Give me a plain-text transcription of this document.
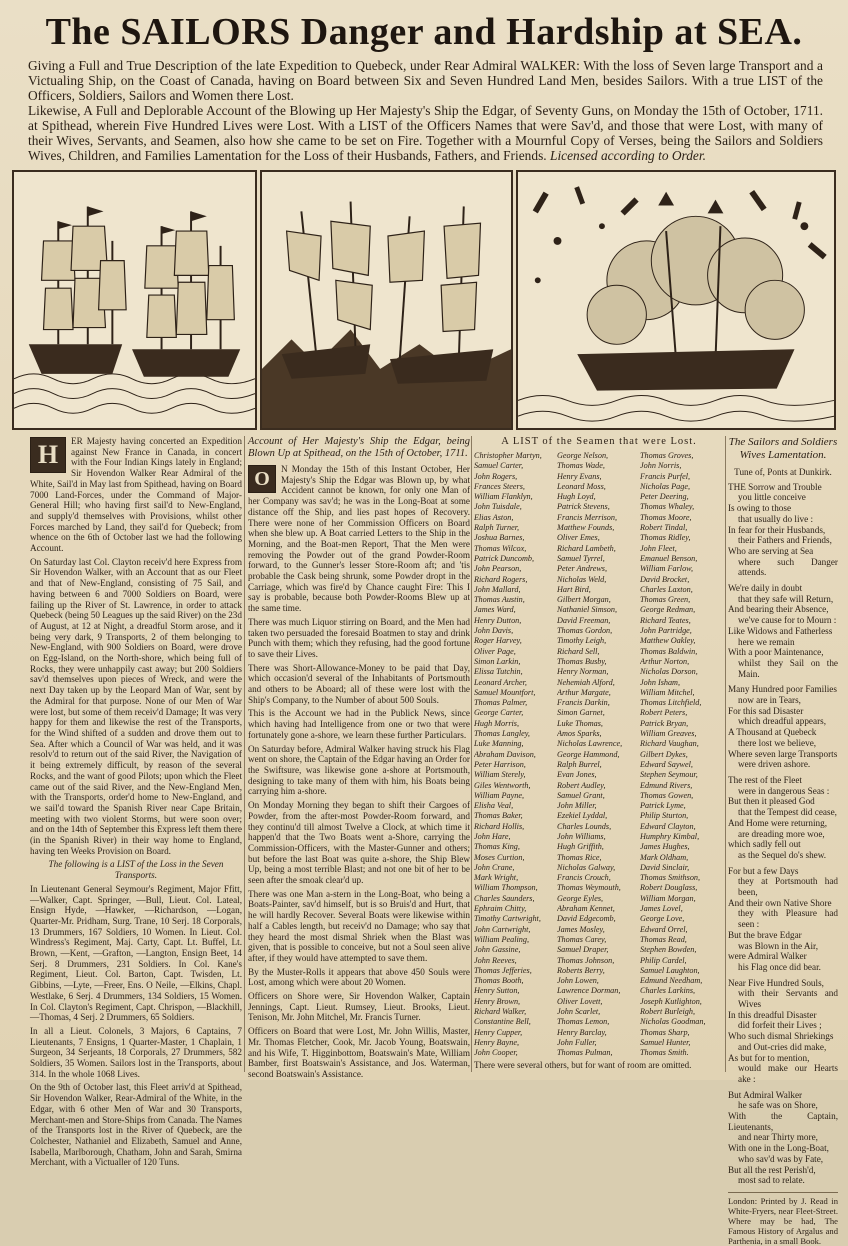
The SAILORS Danger and Hardship at SEA.

Giving a Full and True Description of the late Expedition to Quebeck, under Rear Admiral WALKER: With the loss of Seven large Transport and a Victualing Ship, on the Coast of Canada, having on Board between Six and Seven Hundred Land Men, besides Sailors. With a true LIST of the Officers, Soldiers, Sailors and Women there Lost.

Likewise, A Full and Deplorable Account of the Blowing up Her Majesty's Ship the Edgar, of Seventy Guns, on Monday the 15th of October, 1711. at Spithead, wherein Five Hundred Lives were Lost. With a LIST of the Officers Names that were Sav'd, and those that were Lost, with many of their Wives, Servants, and Seamen, also how she came to be set on Fire. Together with a Mournful Copy of Verses, being the Sailors and Soldiers Wives, Children, and Families Lamentation for the Loss of their Husbands, Fathers, and Friends. Licensed according to Order.

H	ER Majesty having concerted an Expedition against New France in Canada, in concert with the Four Indian Kings lately in England; Sir Hovendon Walker Rear Admiral of the White, Sail'd in May last from Spithead, having on Board 7000 Land-Forces, under the Command of Major-General Hill; who having first sail'd to New-England, and supply'd themselves with Provisions, whilst other Forces marched by Land, they sail'd for Quebeck; from whence on the 6th of October last we had the following Account.

On Saturday last Col. Clayton receiv'd here Express from Sir Hovendon Walker, with an Account that as our Fleet and that of New-England, consisting of 75 Sail, and having between 6 and 7000 Soldiers on Board, were failing up the River of St. Lawrence, in order to attack Quebeck (being 50 Leagues up the said River) on the 23d of August, at 12 at Night, a dreadful Storm arose, and it being very dark, 9 Transports, 2 of them belonging to New-England, with 900 Soldiers on Board, were drove on Egg-Island, on the North-shore, which being full of Rocks, they were unhappily cast away; but 200 Soldiers sav'd themselves upon pieces of Wreck, and were the next Day taken up by the Leopard Man of War, sent by the Admiral for that purpose. None of our Men of War were lost, but some of them receiv'd Damage; It was very happy for them and likewise the rest of the Transports, for the Wind shifted of a sudden and drove them out to Sea. After which a Council of War was held, and it was resolv'd to return out of the said River, the Navigation of it being extremely difficult, by reason of the several Rocks, and the want of good Pilots; upon which the Fleet came out of the said River, and the New-England Men, with the Transports, order'd home to New-England, and we sail'd toward the Spanish River near Cape Britain, meeting with two violent Storms, but were soon over; and on the 14th of September this Express left them there (in the Spanish River) in their way home to England, having ten Weeks Provision on Board.

The following is a LIST of the Loss in the Seven Transports.

In Lieutenant General Seymour's Regiment, Major Ffitt, —Walker, Capt. Springer, —Bull, Lieut. Col. Lateal, Ensign Hyde, —Hawker, —Richardson, —Logan, Quarter-Mr. Pridham, Surg. Trane, 10 Serj. 18 Corporals, 13 Drummers, 167 Soldiers, 10 Women. In Lieut. Col. Windress's Regiment, Maj. Carty, Capt. Lt. Buffel, Lt. Brown, —Kent, —Grafton, —Langton, Ensign Beet, 14 Serj. 8 Drummers, 231 Soldiers. In Col. Kane's Regiment, Lieut. Col. Barton, Capt. Twisden, Lt. Gibbins, —Lyte, —Freer, Ens. O Neile, —Elkins, Chapl. Westlake, 6 Serj. 4 Drummers, 134 Soldiers, 15 Women. In Col. Clayton's Regiment, Capt. Chrispon, —Blackhill, —Thomas, 4 Serj. 2 Drummers, 65 Soldiers.

In all a Lieut. Colonels, 3 Majors, 6 Captains, 7 Lieutenants, 7 Ensigns, 1 Quarter-Master, 1 Chaplain, 1 Surgeon, 34 Serjeants, 18 Corporals, 27 Drummers, 582 Soldiers, 35 Women. Sailors lost in the Transports, about 314. In the whole 1068 Lives.

On the 9th of October last, this Fleet arriv'd at Spithead, Sir Hovendon Walker, Rear-Admiral of the White, in the Edgar, with 6 other Men of War and 30 Transports, Merchant-men and Store-Ships from Canada. The Names of the Transports lost in the River of Quebeck, are the Colchester, Nathaniel and Elizabeth, Samuel and Anne, Isabella, Marlborough, Chatham, John and Sarah, Smirna Merchant, with a Victualler of 120 Tuns.

Account of Her Majesty's Ship the Edgar, being Blown Up at Spithead, on the 15th of October, 1711.

O	N Monday the 15th of this Instant October, Her Majesty's Ship the Edgar was Blown up, by what Accident cannot be known, for only one Man of her Company was sav'd; he was in the Long-Boat at some distance off the Ship, and lies past hopes of Recovery. There were none of her Commission Officers on Board when she blew up. A Boat carried Letters to the Ship in the Morning, and the Boat-men Report, That the Men were removing the Powder out of the grand Powder-Room forward, to the Gunner's lesser Store-Room aft; and 'tis probable the Cask being shrunk, some Powder dropt in the Carriage, which was fire'd by Chance caught Fire: This I say is probable, because both Powder-Rooms Blew up at the same time.

There was much Liquor stirring on Board, and the Men had taken two persuaded the foresaid Boatmen to stay and drink Punch with them; which they refusing, had the good fortune to save their Lives.

There was Short-Allowance-Money to be paid that Day, which occasion'd several of the Inhabitants of Portsmouth and others to be Aboard; all of these were lost with the Ship's Company, to the Number of about 500 Souls.

This is the Account we had in the Publick News, since which having had Intelligence from one or two that were fortunately gone a-shore, we learn these further Particulars.

On Saturday before, Admiral Walker having struck his Flag went on shore, the Captain of the Edgar having an Order for the Swiftsure, was likewise gone a-shore at Portsmouth, designing to take many of them with him, his Boats being carrying him a-shore.

On Monday Morning they began to shift their Cargoes of Powder, from the after-most Powder-Room forward, and they continu'd till almost Twelve a Clock, at which time it happen'd that the Two Boats went a-Shore, carrying the Commission-Officers, with the Master-Gunner and others; but before the last Boat was quite a-shore, the Ship Blew Up, being a most terrible Blast; and not one bit of her to be seen after the smoak clear'd up.

There was one Man a-stern in the Long-Boat, who being a Boats-Painter, sav'd himself, but is so Bruis'd and Hurt, that he will hardly Recover. Several Boats were likewise within half a Cables length, but receiv'd no Damage; who say that they heard the most dismal Shriek when the Blast was given, that is possible to conceive, but not a Soul seen alive after, if they would have attempted to save them.

By the Muster-Rolls it appears that above 450 Souls were Lost, among which were about 20 Women.

Officers on Shore were, Sir Hovendon Walker, Captain Jennings, Capt. Lieut. Rumsey, Lieut. Brooks, Lieut. Tenison, Mr. John Mitchel, Mr. Francis Turner.

Officers on Board that were Lost, Mr. John Willis, Master, Mr. Thomas Fletcher, Cook, Mr. Jacob Young, Boatswain, and his Wife, T. Higginbottom, Boatswain's Mate, William Bamber, first Boatswain's Assistance, and Jos. Waterman, second Boatswain's Assistance.

A LIST of the Seamen that were Lost.
Christopher Martyn,
Samuel Carter,
John Rogers,
Frances Steers,
William Flanklyn,
John Tuisdale,
Elias Aston,
Ralph Turner,
Joshua Barnes,
Thomas Wilcox,
Patrick Duncomb,
John Pearson,
Richard Rogers,
John Mallard,
Thomas Austin,
James Ward,
Henry Dutton,
John Davis,
Roger Harvey,
Oliver Page,
Simon Larkin,
Elissa Tutchin,
Leonard Archer,
Samuel Mountfort,
Thomas Palmer,
George Carter,
Hugh Morris,
Thomas Langley,
Luke Manning,
Abraham Davison,
Peter Harrison,
William Sterely,
Giles Wentworth,
William Payne,
Elisha Veal,
Thomas Baker,
Richard Hollis,
John Hare,
Thomas King,
Moses Curtion,
John Crane,
Mark Wright,
William Thompson,
Charles Saunders,
Ephraim Chitty,
Timothy Cartwright,
John Cartwright,
William Pealing,
John Gassine,
John Reeves,
Thomas Jefferies,
Thomas Booth,
Henry Sutton,
Henry Brown,
Richard Walker,
Constantine Bell,
Henry Cupper,
Henry Bayne,
John Cooper,
George Nelson,
Thomas Wade,
Henry Evans,
Leonard Moss,
Hugh Loyd,
Patrick Stevens,
Francis Merrison,
Matthew Founds,
Oliver Emes,
Richard Lambeth,
Samuel Tyrrel,
Peter Andrews,
Nicholas Weld,
Hart Bird,
Gilbert Morgan,
Nathaniel Simson,
David Freeman,
Thomas Gordon,
Timothy Leigh,
Richard Sell,
Thomas Busby,
Henry Norman,
Nehemiah Alford,
Arthur Margate,
Francis Darkin,
Simon Garnet,
Luke Thomas,
Amos Sparks,
Nicholas Lawrence,
George Hammond,
Ralph Burrel,
Evan Jones,
Robert Audley,
Samuel Grant,
John Miller,
Ezekiel Lyddal,
Charles Lounds,
John Williams,
Hugh Griffith,
Thomas Rice,
Nicholas Galway,
Francis Crouch,
Thomas Weymouth,
George Eyles,
Abraham Kennet,
David Edgecomb,
James Mosley,
Thomas Carey,
Samuel Draper,
Thomas Johnson,
Roberts Berry,
John Lowen,
Lawrence Dorman,
Oliver Lovett,
John Scarlet,
Thomas Lemon,
Henry Barclay,
John Fuller,
Thomas Pulman,
Thomas Groves,
John Norris,
Francis Purfel,
Nicholas Page,
Peter Deering,
Thomas Whaley,
Thomas Moore,
Robert Tindal,
Thomas Ridley,
John Fleet,
Emanuel Benson,
William Farlow,
David Brocket,
Charles Laxton,
Thomas Green,
George Redman,
Richard Teates,
John Partridge,
Matthew Oakley,
Thomas Baldwin,
Arthur Norton,
Nicholas Dorson,
John Isham,
William Mitchel,
Thomas Litchfield,
Robert Peters,
Patrick Bryan,
William Greaves,
Richard Vaughan,
Gilbert Dykes,
Edward Saywel,
Stephen Seymour,
Edmund Rivers,
Thomas Gowen,
Patrick Lyme,
Philip Sturton,
Edward Clayton,
Humphry Kimbal,
James Hughes,
Mark Oldham,
David Sinclair,
Thomas Smithson,
Robert Douglass,
William Morgan,
James Lovel,
George Love,
Edward Orrel,
Thomas Read,
Stephen Bowden,
Philip Cardel,
Samuel Laughton,
Edmund Needham,
Charles Larkins,
Joseph Kutlighton,
Robert Burleigh,
Nicholas Goodman,
Thomas Sharp,
Samuel Hunter,
Thomas Smith.
There were several others, but for want of room are omitted.
The Sailors and Soldiers Wives Lamentation.
Tune of, Ponts at Dunkirk.
THE Sorrow and Trouble
you little conceive
Is owing to those
that usually do live :
In fear for their Husbands,
their Fathers and Friends,
Who are serving at Sea
where such Danger attends.
We're daily in doubt
that they safe will Return,
And bearing their Absence,
we've cause for to Mourn :
Like Widows and Fatherless
here we remain
With a poor Maintenance,
whilst they Sail on the Main.
Many Hundred poor Families
now are in Tears,
For this sad Disaster
which dreadful appears,
A Thousand at Quebeck
there lost we believe,
Where seven large Transports
were driven ashore.
The rest of the Fleet
were in dangerous Seas :
But then it pleased God
that the Tempest did cease,
And Home were returning,
are dreading more woe,
which sadly fell out
as the Sequel do's shew.
For but a few Days
they at Portsmouth had been,
And their own Native Shore
they with Pleasure had seen :
But the brave Edgar
was Blown in the Air,
were Admiral Walker
his Flag once did bear.
Near Five Hundred Souls,
with their Servants and Wives
In this dreadful Disaster
did forfeit their Lives ;
Who such dismal Shriekings
and Out-cries did make,
As but for to mention,
would make our Hearts ake :
But Admiral Walker
he safe was on Shore,
With the Captain, Lieutenants,
and near Thirty more,
With one in the Long-Boat,
who sav'd was by Fate,
But all the rest Perish'd,
most sad to relate.
London: Printed by J. Read in White-Fryers, near Fleet-Street. Where may be had, The Famous History of Argalus and Parthenia, in a small Book.
